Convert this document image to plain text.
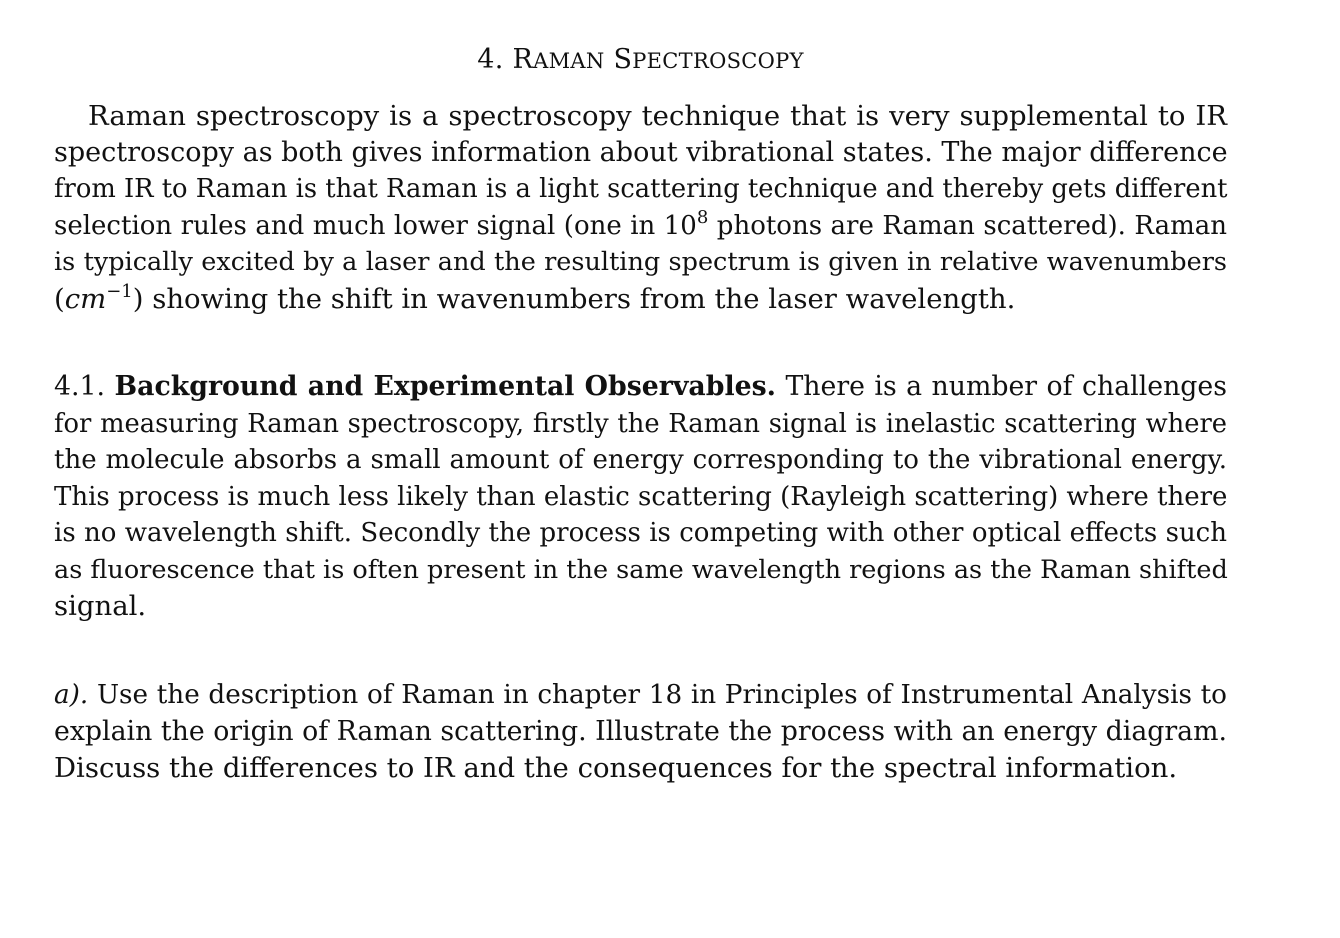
4. RAMAN SPECTROSCOPY
Raman spectroscopy is a spectroscopy technique that is very supplemental to IR
spectroscopy as both gives information about vibrational states. The major difference
from IR to Raman is that Raman is a light scattering technique and thereby gets different
selection rules and much lower signal (one in $10^8$ photons are Raman scattered). Raman
is typically excited by a laser and the resulting spectrum is given in relative wavenumbers
$(cm^{-1})$ showing the shift in wavenumbers from the laser wavelength.
4.1. Background and Experimental Observables. There is a number of challenges
for measuring Raman spectroscopy, firstly the Raman signal is inelastic scattering where
the molecule absorbs a small amount of energy corresponding to the vibrational energy.
This process is much less likely than elastic scattering (Rayleigh scattering) where there
is no wavelength shift. Secondly the process is competing with other optical effects such
as fluorescence that is often present in the same wavelength regions as the Raman shifted
signal.
a). Use the description of Raman in chapter 18 in Principles of Instrumental Analysis to
explain the origin of Raman scattering. Illustrate the process with an energy diagram.
Discuss the differences to IR and the consequences for the spectral information.
